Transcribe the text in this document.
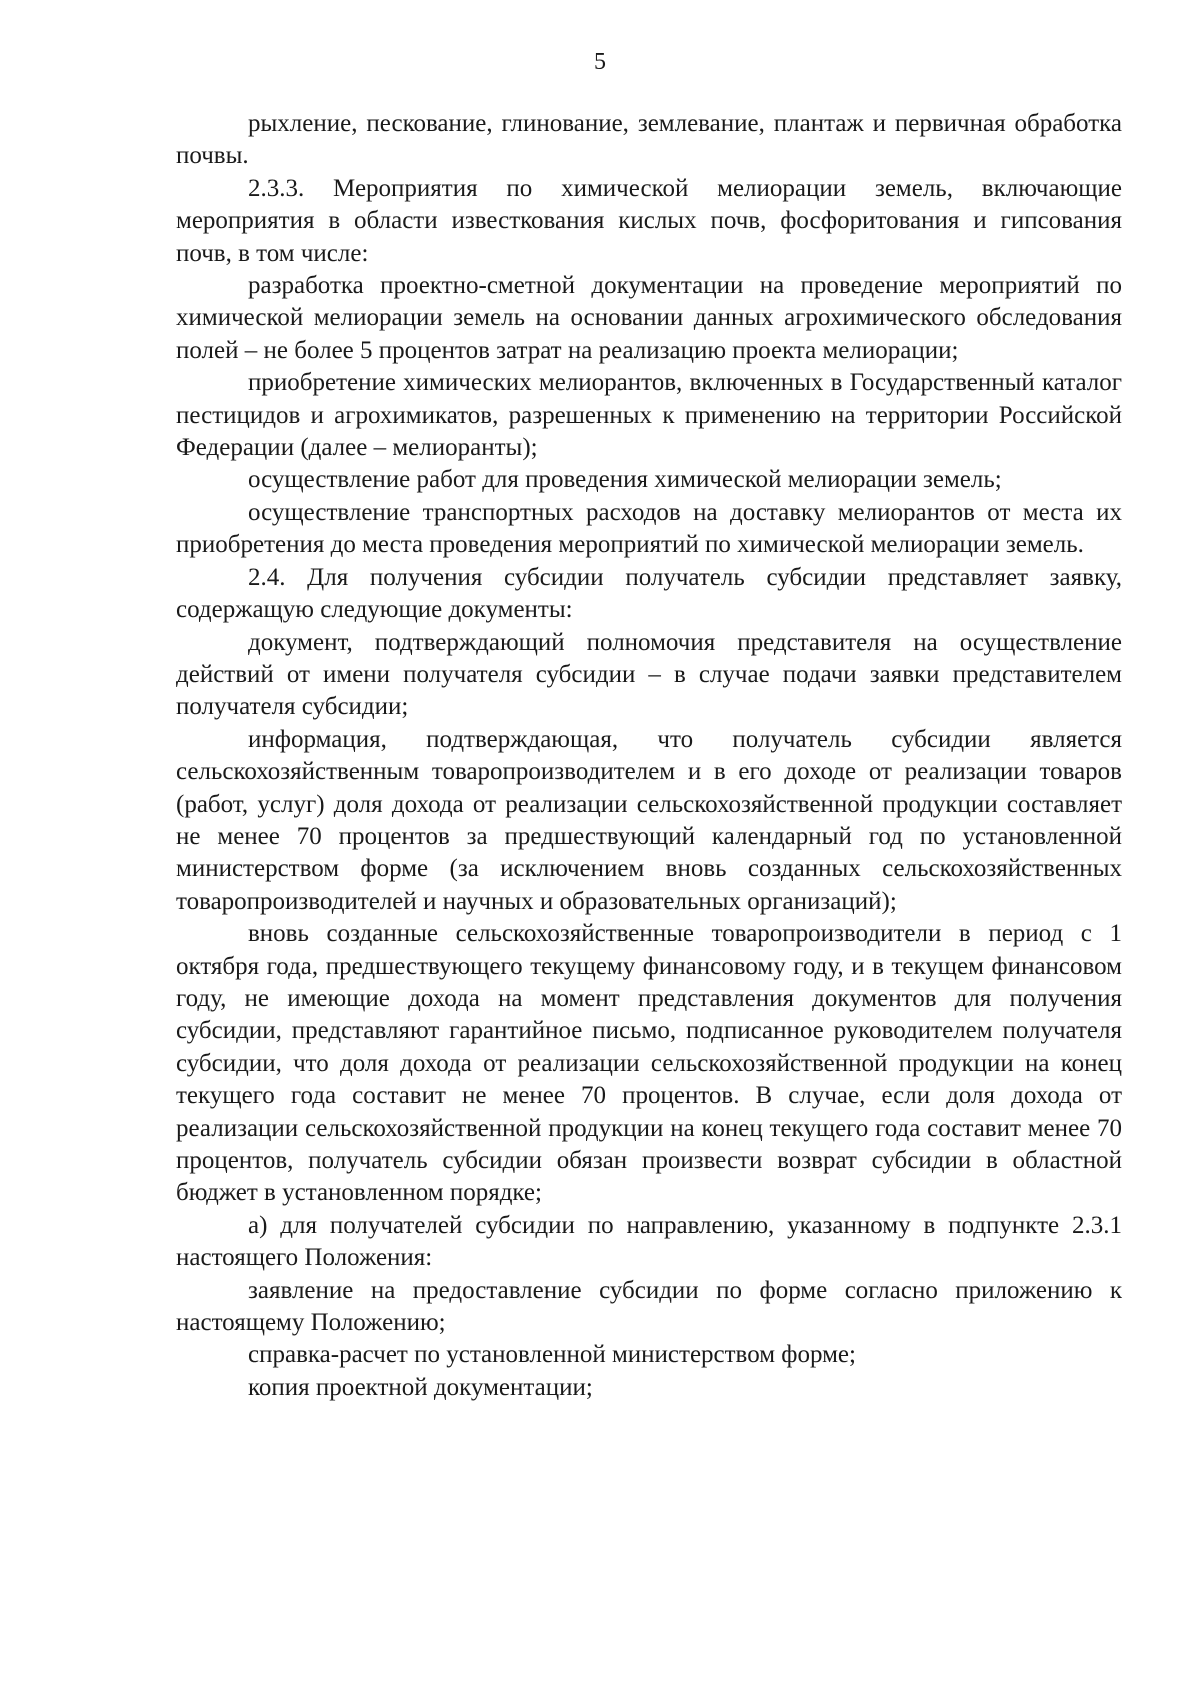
5

рыхление, пескование, глинование, землевание, плантаж и первичная обработка почвы.

2.3.3. Мероприятия по химической мелиорации земель, включающие мероприятия в области известкования кислых почв, фосфоритования и гипсования почв, в том числе:

разработка проектно-сметной документации на проведение мероприятий по химической мелиорации земель на основании данных агрохимического обследования полей – не более 5 процентов затрат на реализацию проекта мелиорации;

приобретение химических мелиорантов, включенных в Государственный каталог пестицидов и агрохимикатов, разрешенных к применению на территории Российской Федерации (далее – мелиоранты);

осуществление работ для проведения химической мелиорации земель;

осуществление транспортных расходов на доставку мелиорантов от места их приобретения до места проведения мероприятий по химической мелиорации земель.

2.4. Для получения субсидии получатель субсидии представляет заявку, содержащую следующие документы:

документ, подтверждающий полномочия представителя на осуществление действий от имени получателя субсидии – в случае подачи заявки представителем получателя субсидии;

информация, подтверждающая, что получатель субсидии является сельскохозяйственным товаропроизводителем и в его доходе от реализации товаров (работ, услуг) доля дохода от реализации сельскохозяйственной продукции составляет не менее 70 процентов за предшествующий календарный год по установленной министерством форме (за исключением вновь созданных сельскохозяйственных товаропроизводителей и научных и образовательных организаций);

вновь созданные сельскохозяйственные товаропроизводители в период с 1 октября года, предшествующего текущему финансовому году, и в текущем финансовом году, не имеющие дохода на момент представления документов для получения субсидии, представляют гарантийное письмо, подписанное руководителем получателя субсидии, что доля дохода от реализации сельскохозяйственной продукции на конец текущего года составит не менее 70 процентов. В случае, если доля дохода от реализации сельскохозяйственной продукции на конец текущего года составит менее 70 процентов, получатель субсидии обязан произвести возврат субсидии в областной бюджет в установленном порядке;

а) для получателей субсидии по направлению, указанному в подпункте 2.3.1 настоящего Положения:

заявление на предоставление субсидии по форме согласно приложению к настоящему Положению;

справка-расчет по установленной министерством форме;

копия проектной документации;
